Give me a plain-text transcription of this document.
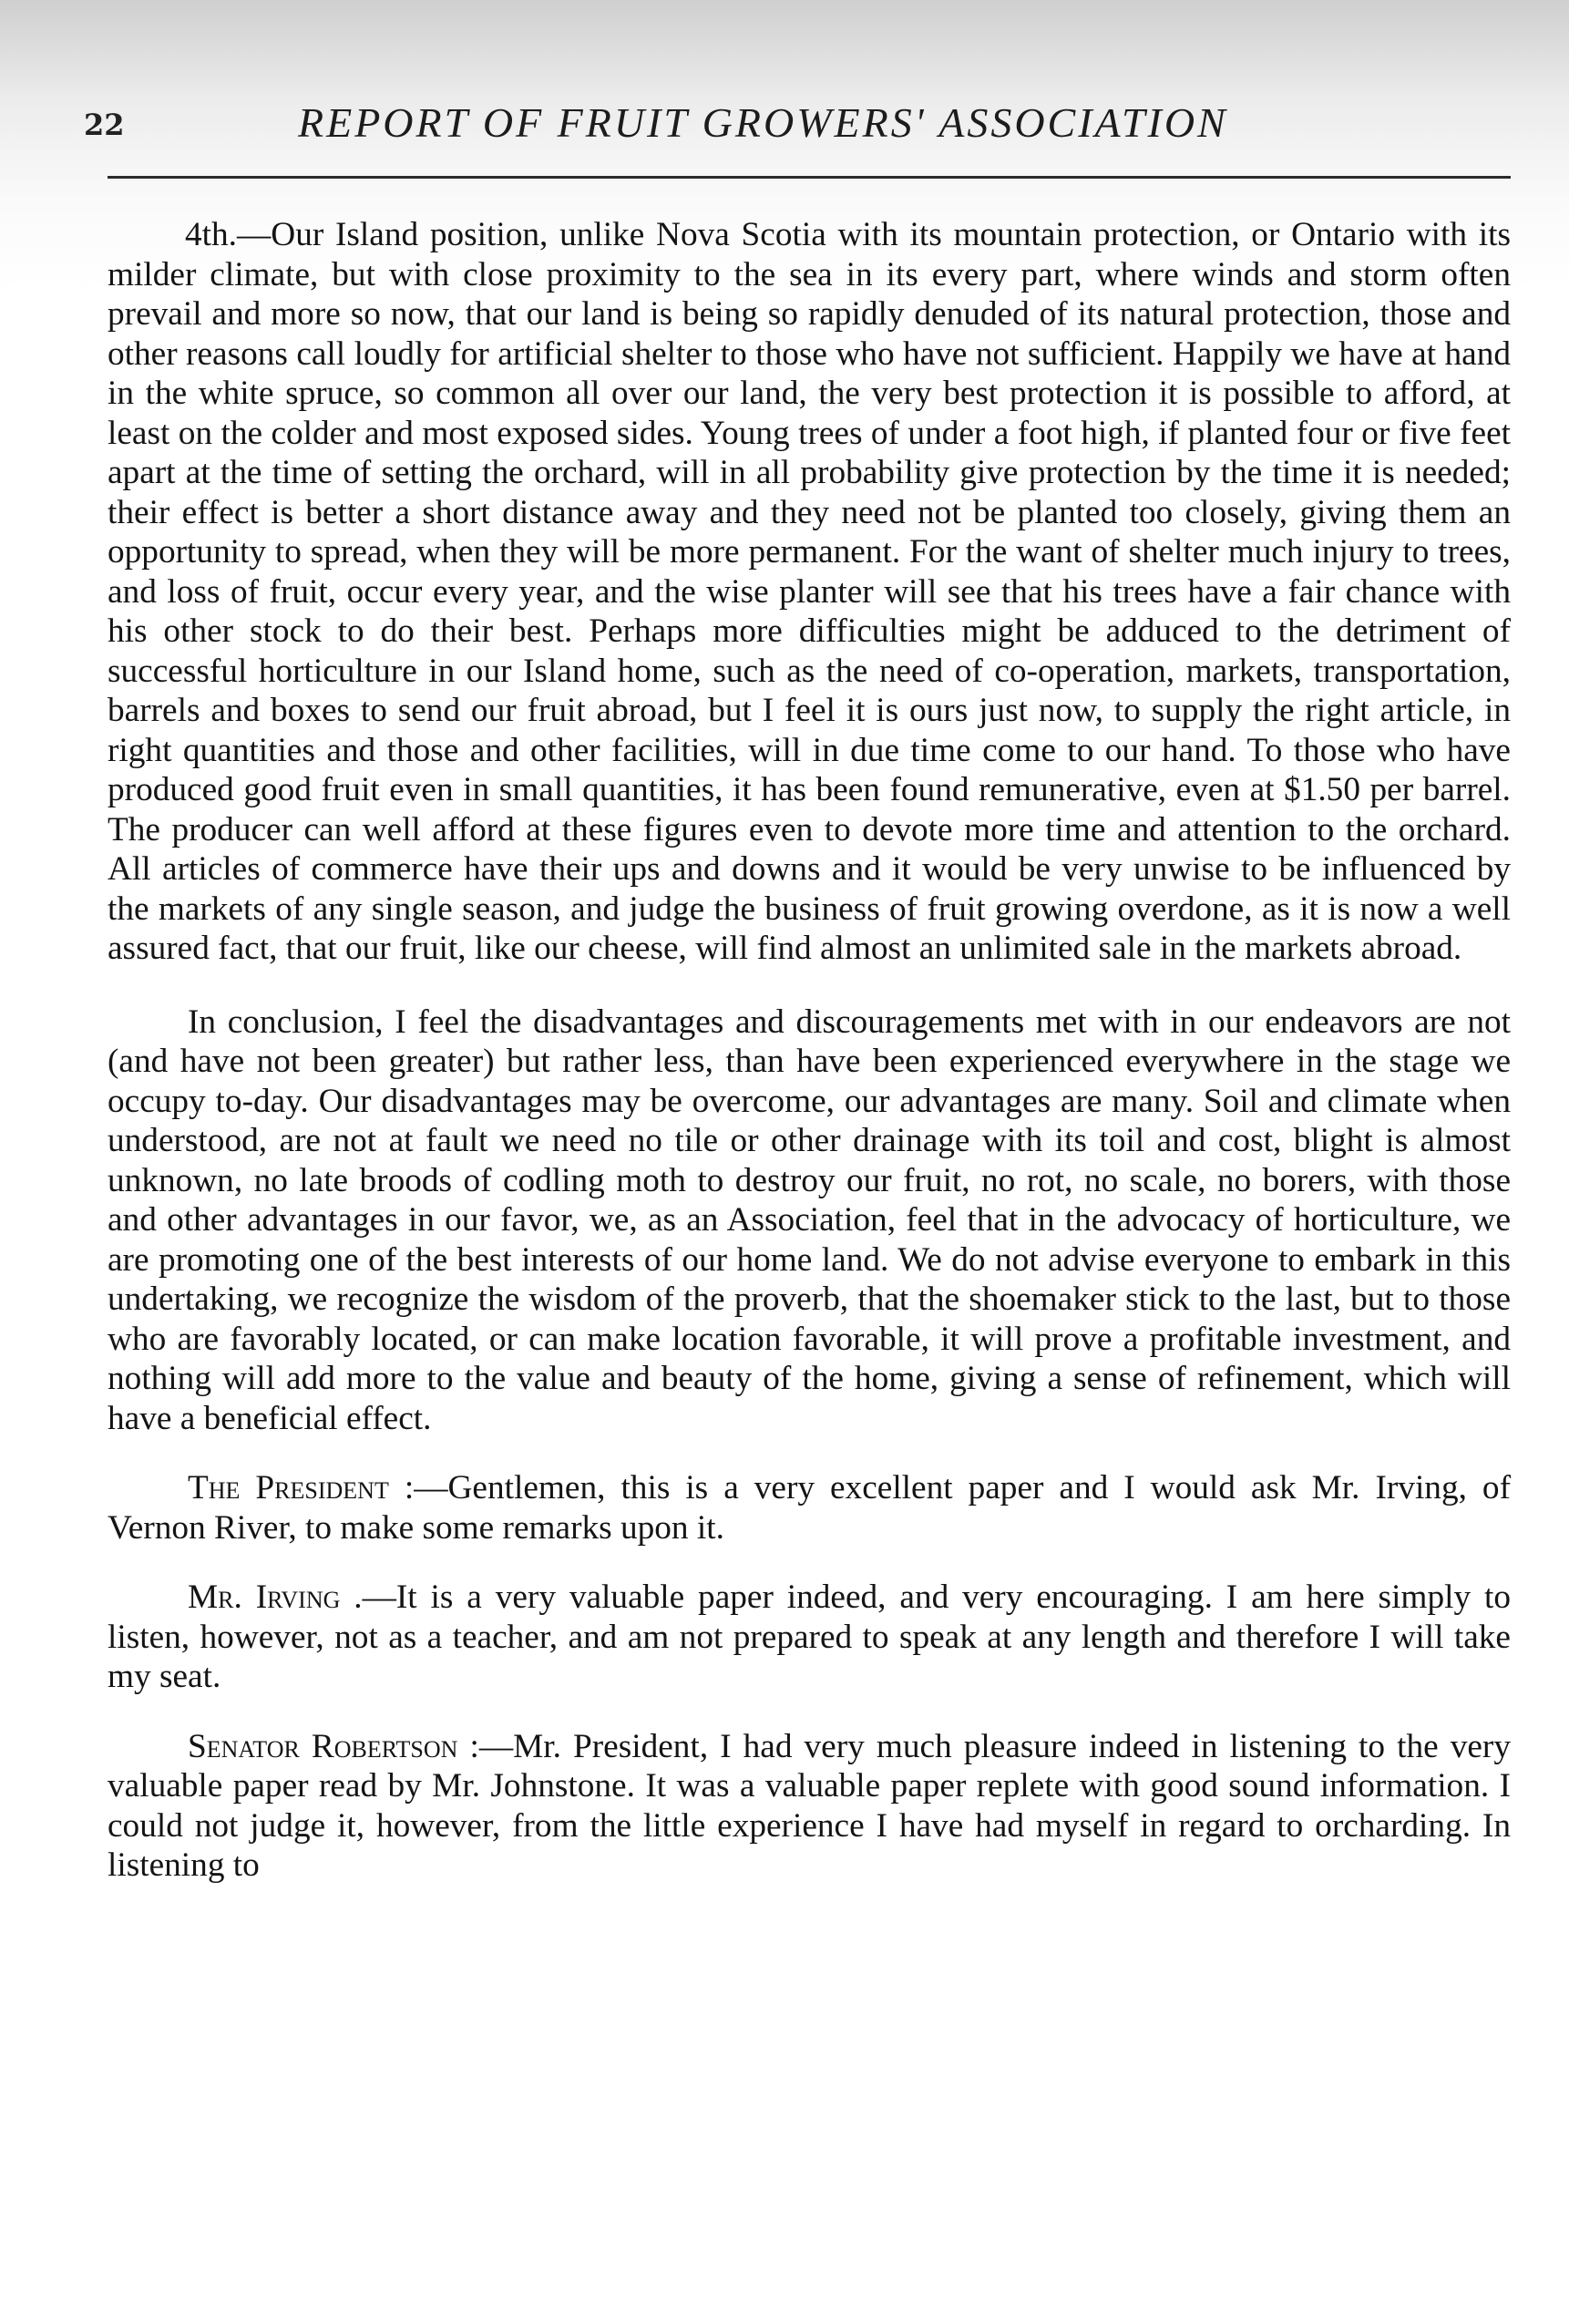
22	REPORT OF FRUIT GROWERS' ASSOCIATION

4th.—Our Island position, unlike Nova Scotia with its mountain protection, or Ontario with its milder climate, but with close proximity to the sea in its every part, where winds and storm often prevail and more so now, that our land is being so rapidly denuded of its natural protection, those and other reasons call loudly for artificial shelter to those who have not sufficient. Happily we have at hand in the white spruce, so common all over our land, the very best protection it is possible to afford, at least on the colder and most exposed sides. Young trees of under a foot high, if planted four or five feet apart at the time of setting the orchard, will in all probability give protection by the time it is needed; their effect is better a short distance away and they need not be planted too closely, giving them an opportunity to spread, when they will be more permanent. For the want of shelter much injury to trees, and loss of fruit, occur every year, and the wise planter will see that his trees have a fair chance with his other stock to do their best. Perhaps more difficulties might be adduced to the detriment of successful horticulture in our Island home, such as the need of co-operation, markets, transportation, barrels and boxes to send our fruit abroad, but I feel it is ours just now, to supply the right article, in right quantities and those and other facilities, will in due time come to our hand. To those who have produced good fruit even in small quantities, it has been found remunerative, even at $1.50 per barrel. The producer can well afford at these figures even to devote more time and attention to the orchard. All articles of commerce have their ups and downs and it would be very unwise to be influenced by the markets of any single season, and judge the business of fruit growing overdone, as it is now a well assured fact, that our fruit, like our cheese, will find almost an unlimited sale in the markets abroad.

In conclusion, I feel the disadvantages and discouragements met with in our endeavors are not (and have not been greater) but rather less, than have been experienced everywhere in the stage we occupy to-day. Our disadvantages may be overcome, our advantages are many. Soil and climate when understood, are not at fault we need no tile or other drainage with its toil and cost, blight is almost unknown, no late broods of codling moth to destroy our fruit, no rot, no scale, no borers, with those and other advantages in our favor, we, as an Association, feel that in the advocacy of horticulture, we are promoting one of the best interests of our home land. We do not advise everyone to embark in this undertaking, we recognize the wisdom of the proverb, that the shoemaker stick to the last, but to those who are favorably located, or can make location favorable, it will prove a profitable investment, and nothing will add more to the value and beauty of the home, giving a sense of refinement, which will have a beneficial effect.

The President :—Gentlemen, this is a very excellent paper and I would ask Mr. Irving, of Vernon River, to make some remarks upon it.

Mr. Irving .—It is a very valuable paper indeed, and very encouraging. I am here simply to listen, however, not as a teacher, and am not prepared to speak at any length and therefore I will take my seat.

Senator Robertson :—Mr. President, I had very much pleasure indeed in listening to the very valuable paper read by Mr. Johnstone. It was a valuable paper replete with good sound information. I could not judge it, however, from the little experience I have had myself in regard to orcharding. In listening to
